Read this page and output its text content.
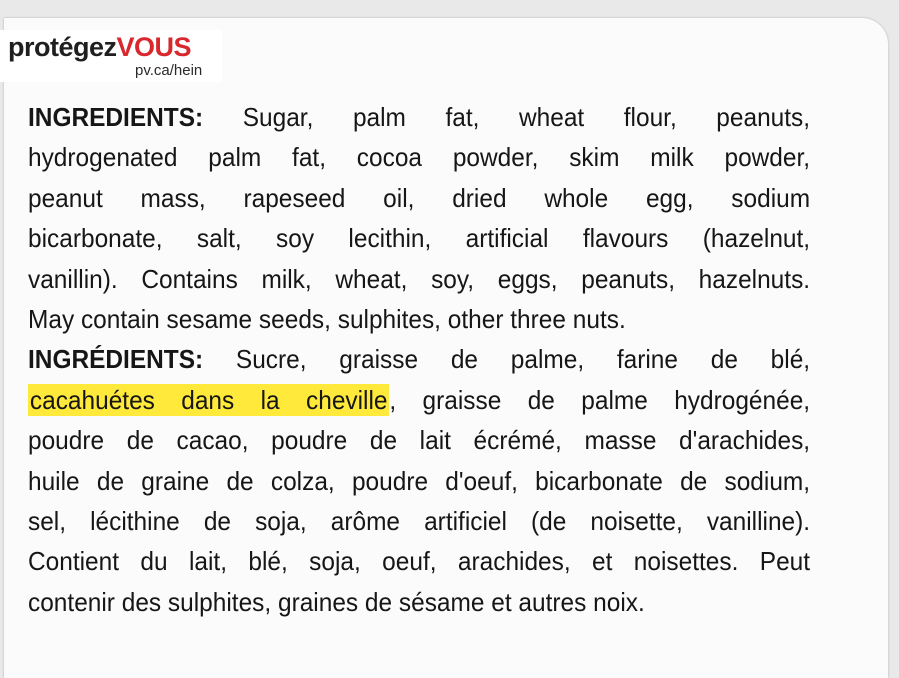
protégezVOUS
pv.ca/hein
INGREDIENTS: Sugar, palm fat, wheat flour, peanuts,
hydrogenated palm fat, cocoa powder, skim milk powder,
peanut mass, rapeseed oil, dried whole egg, sodium
bicarbonate, salt, soy lecithin, artificial flavours (hazelnut,
vanillin). Contains milk, wheat, soy, eggs, peanuts, hazelnuts.
May contain sesame seeds, sulphites, other three nuts.
INGRÉDIENTS: Sucre, graisse de palme, farine de blé,
cacahuétes dans la cheville, graisse de palme hydrogénée,
poudre de cacao, poudre de lait écrémé, masse d'arachides,
huile de graine de colza, poudre d'oeuf, bicarbonate de sodium,
sel, lécithine de soja, arôme artificiel (de noisette, vanilline).
Contient du lait, blé, soja, oeuf, arachides, et noisettes. Peut
contenir des sulphites, graines de sésame et autres noix.
